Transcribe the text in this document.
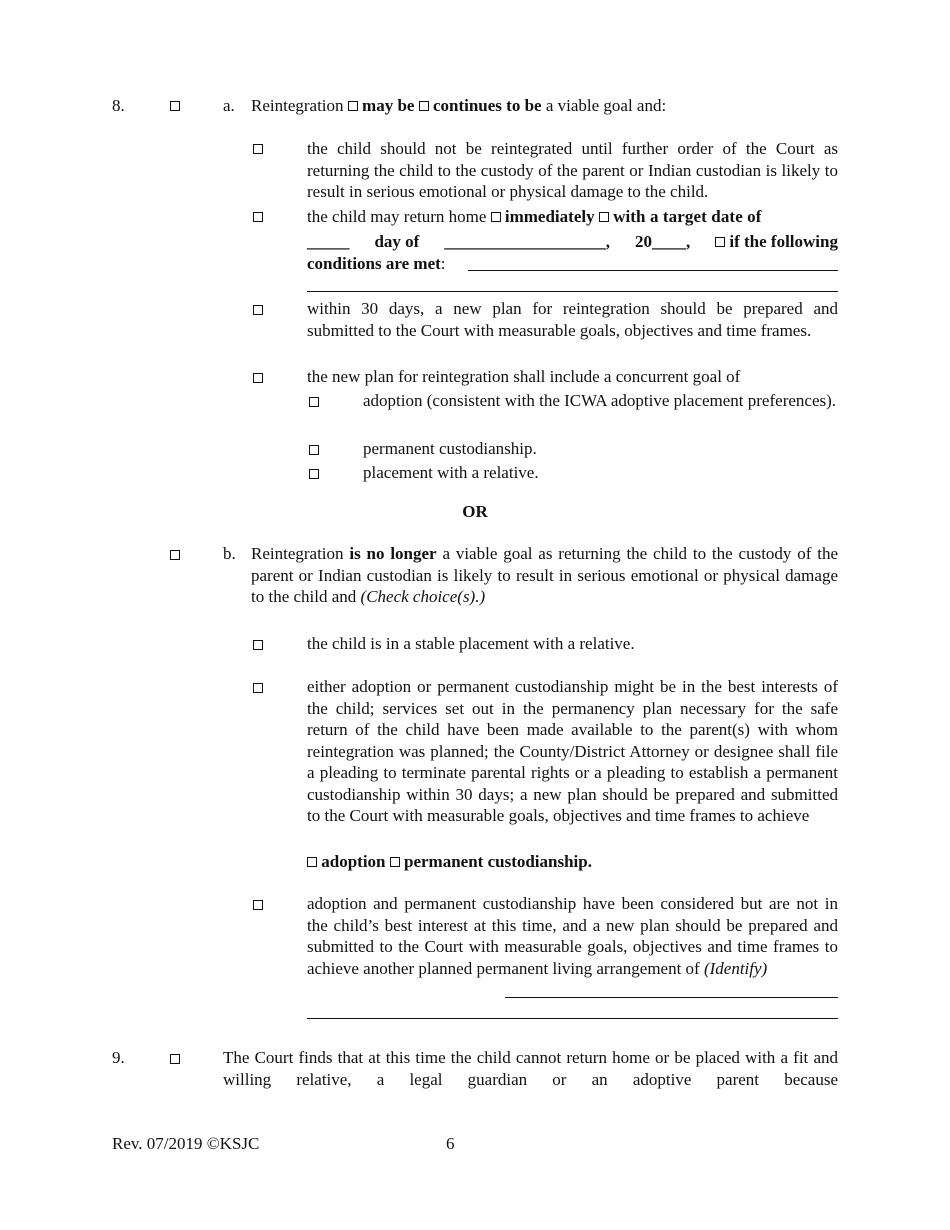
8.	a. Reintegration may be continues to be a viable goal and:
the child should not be reintegrated until further order of the Court as returning the child to the custody of the parent or Indian custodian is likely to result in serious emotional or physical damage to the child.
the child may return home immediately with a target date of
_____ day of ___________________, 20____,	if the following
conditions are met:
within 30 days, a new plan for reintegration should be prepared and submitted to the Court with measurable goals, objectives and time frames.
the new plan for reintegration shall include a concurrent goal of
adoption (consistent with the ICWA adoptive placement preferences).
permanent custodianship.
placement with a relative.
OR
b. Reintegration is no longer a viable goal as returning the child to the custody of the parent or Indian custodian is likely to result in serious emotional or physical damage to the child and (Check choice(s).)
the child is in a stable placement with a relative.
either adoption or permanent custodianship might be in the best interests of the child; services set out in the permanency plan necessary for the safe return of the child have been made available to the parent(s) with whom reintegration was planned; the County/District Attorney or designee shall file a pleading to terminate parental rights or a pleading to establish a permanent custodianship within 30 days; a new plan should be prepared and submitted to the Court with measurable goals, objectives and time frames to achieve
adoption permanent custodianship.
adoption and permanent custodianship have been considered but are not in the child’s best interest at this time, and a new plan should be prepared and submitted to the Court with measurable goals, objectives and time frames to achieve another planned permanent living arrangement of (Identify)
9.	The Court finds that at this time the child cannot return home or be placed with a fit and willing relative, a legal guardian or an adoptive parent because
Rev. 07/2019 ©KSJC	6
